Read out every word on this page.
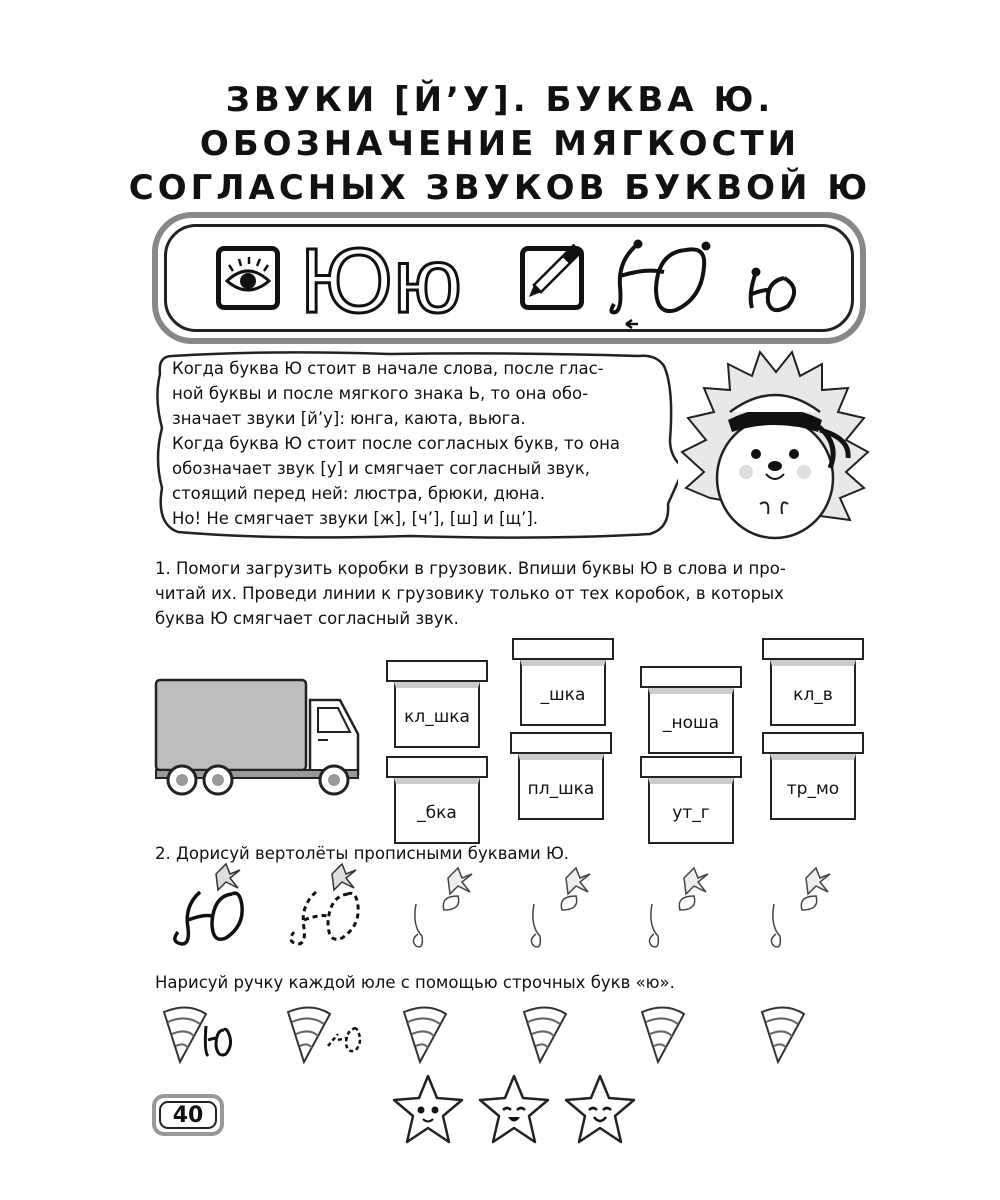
ЗВУКИ [Й’У]. БУКВА Ю.
ОБОЗНАЧЕНИЕ МЯГКОСТИ
СОГЛАСНЫХ ЗВУКОВ БУКВОЙ Ю
Юю
Когда буква Ю стоит в начале слова, после глас-
ной буквы и после мягкого знака Ь, то она обо-
значает звуки [й’у]: юнга, каюта, вьюга.
Когда буква Ю стоит после согласных букв, то она
обозначает звук [у] и смягчает согласный звук,
стоящий перед ней: люстра, брюки, дюна.
Но! Не смягчает звуки [ж], [ч’], [ш] и [щ’].
1. Помоги загрузить коробки в грузовик. Впиши буквы Ю в слова и про-
читай их. Проведи линии к грузовику только от тех коробок, в которых
буква Ю смягчает согласный звук.
кл_шка
_шка
_ноша
кл_в
_бка
пл_шка
ут_г
тр_мо
2. Дорисуй вертолёты прописными буквами Ю.
Нарисуй ручку каждой юле с помощью строчных букв «ю».
40
